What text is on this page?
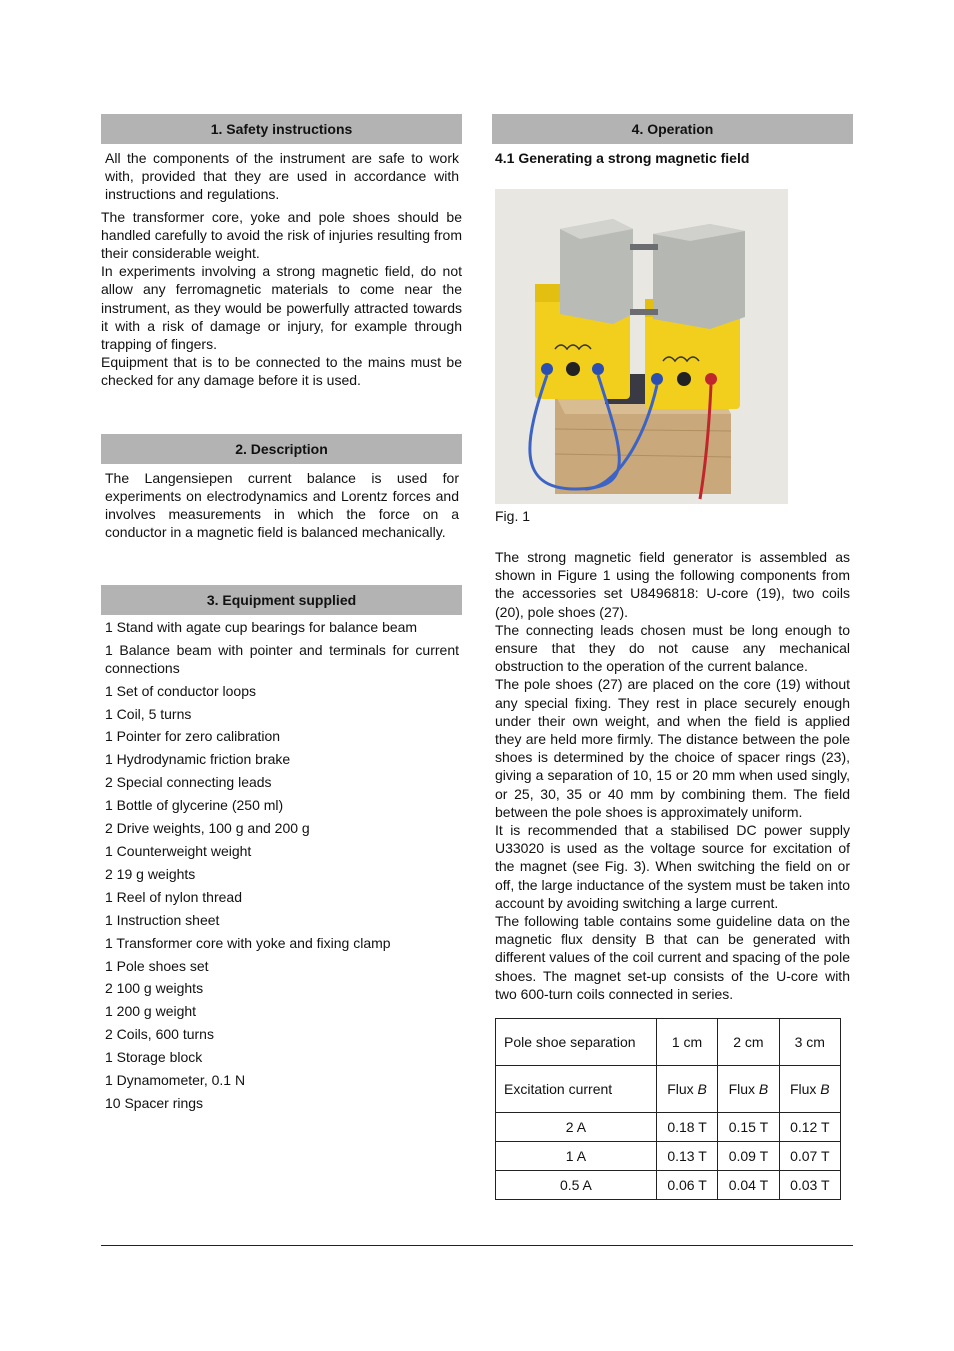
1. Safety instructions

All the components of the instrument are safe to work with, provided that they are used in accordance with instructions and regulations.

The transformer core, yoke and pole shoes should be handled carefully to avoid the risk of injuries resulting from their considerable weight.

In experiments involving a strong magnetic field, do not allow any ferromagnetic materials to come near the instrument, as they would be powerfully attracted towards it with a risk of damage or injury, for example through trapping of fingers.

Equipment that is to be connected to the mains must be checked for any damage before it is used.

2. Description

The Langensiepen current balance is used for experiments on electrodynamics and Lorentz forces and involves measurements in which the force on a conductor in a magnetic field is balanced mechanically.

3. Equipment supplied
1 Stand with agate cup bearings for balance beam
1 Balance beam with pointer and terminals for current connections
1 Set of conductor loops
1 Coil, 5 turns
1 Pointer for zero calibration
1 Hydrodynamic friction brake
2 Special connecting leads
1 Bottle of glycerine (250 ml)
2 Drive weights, 100 g and 200 g
1 Counterweight weight
2 19 g weights
1 Reel of nylon thread
1 Instruction sheet
1 Transformer core with yoke and fixing clamp
1 Pole shoes set
2 100 g weights
1 200 g weight
2 Coils, 600 turns
1 Storage block
1 Dynamometer, 0.1 N
10 Spacer rings
4. Operation
4.1 Generating a strong magnetic field
Fig. 1

The strong magnetic field generator is assembled as shown in Figure 1 using the following components from the accessories set U8496818: U-core (19), two coils (20), pole shoes (27).

The connecting leads chosen must be long enough to ensure that they do not cause any mechanical obstruction to the operation of the current balance.

The pole shoes (27) are placed on the core (19) without any special fixing. They rest in place securely enough under their own weight, and when the field is applied they are held more firmly. The distance between the pole shoes is determined by the choice of spacer rings (23), giving a separation of 10, 15 or 20 mm when used singly, or 25, 30, 35 or 40 mm by combining them. The field between the pole shoes is approximately uniform.

It is recommended that a stabilised DC power supply U33020 is used as the voltage source for excitation of the magnet (see Fig. 3). When switching the field on or off, the large inductance of the system must be taken into account by avoiding switching a large current.

The following table contains some guideline data on the magnetic flux density B that can be generated with different values of the coil current and spacing of the pole shoes. The magnet set-up consists of the U-core with two 600-turn coils connected in series.

Pole shoe separation	1 cm	2 cm	3 cm
Excitation current	Flux B	Flux B	Flux B
2 A	0.18 T	0.15 T	0.12 T
1 A	0.13 T	0.09 T	0.07 T
0.5 A	0.06 T	0.04 T	0.03 T
